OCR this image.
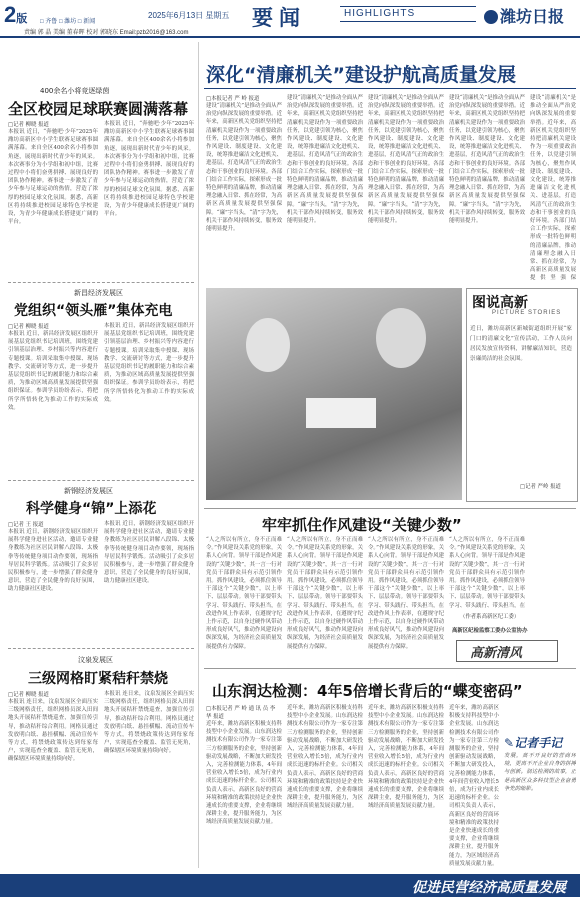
2版 □ 齐鲁 □ 潍坊 □ 新闻
2025年6月13日 星期五 要闻	HIGHLIGHTS	潍坊日报
责编 郭 晶 美编 董春晖 校对 郭晓东 Email:pzb2016@163.com
400余名小将竞逐绿茵
全区校园足球联赛圆满落幕
□记者 柳晓 报道
本报讯 近日，“奔驰吧·少年”2025年潍坊高新区中小学生联赛足球赛事圆满落幕。来自全区400余名小将参加角逐，展现出新时代青少年的风采。本次赛事分为小学组和初中组，比赛过程中小将们奋勇拼搏、展现良好的团队协作精神。赛事进一步激发了青少年参与足球运动的热情，营造了浓厚的校园足球文化氛围。据悉，高新区将持续推进校园足球特色学校建设，为青少年健康成长搭建更广阔的平台。
本报讯 近日，“奔驰吧·少年”2025年潍坊高新区中小学生联赛足球赛事圆满落幕。来自全区400余名小将参加角逐，展现出新时代青少年的风采。本次赛事分为小学组和初中组，比赛过程中小将们奋勇拼搏、展现良好的团队协作精神。赛事进一步激发了青少年参与足球运动的热情，营造了浓厚的校园足球文化氛围。据悉，高新区将持续推进校园足球特色学校建设，为青少年健康成长搭建更广阔的平台。
新昌经济发展区
党组织“领头雁”集体充电
□记者 柳晓 报道
本报讯 近日，新昌经济发展区组织开展基层党组织书记培训班，围绕党建引领基层治理、乡村振兴等内容进行专题授课。培训采取集中授课、现场教学、交流研讨等方式，进一步提升基层党组织书记的履职能力和综合素质，为推动区域高质量发展提供坚强组织保证。参训学员纷纷表示，将把所学所悟转化为推动工作的实际成效。
本报讯 近日，新昌经济发展区组织开展基层党组织书记培训班，围绕党建引领基层治理、乡村振兴等内容进行专题授课。培训采取集中授课、现场教学、交流研讨等方式，进一步提升基层党组织书记的履职能力和综合素质，为推动区域高质量发展提供坚强组织保证。参训学员纷纷表示，将把所学所悟转化为推动工作的实际成效。
新钢经济发展区
科学健身“锦”上添花
□记者 王 报道
本报讯 近日，新钢经济发展区组织开展科学健身进社区活动，邀请专业健身教练为社区居民讲解八段锦、太极拳等传统健身项目动作要领，现场指导居民科学锻炼。活动吸引了众多居民积极参与，进一步增强了群众健身意识，营造了全民健身的良好氛围，助力健康社区建设。
本报讯 近日，新钢经济发展区组织开展科学健身进社区活动，邀请专业健身教练为社区居民讲解八段锦、太极拳等传统健身项目动作要领，现场指导居民科学锻炼。活动吸引了众多居民积极参与，进一步增强了群众健身意识，营造了全民健身的良好氛围，助力健康社区建设。
汶泉发展区
三级网格盯紧秸秆禁烧
□记者 柳晓 报道
本报讯 连日来，汶泉发展区全面压实三级网格责任，组织网格员深入田间地头开展秸秆禁烧巡查，加强宣传引导，推动秸秆综合利用。网格员通过发放明白纸、悬挂横幅、流动宣传车等方式，将禁烧政策传达到每家每户，实现巡查全覆盖、监管无死角，确保辖区环境质量持续向好。
本报讯 连日来，汶泉发展区全面压实三级网格责任，组织网格员深入田间地头开展秸秆禁烧巡查，加强宣传引导，推动秸秆综合利用。网格员通过发放明白纸、悬挂横幅、流动宣传车等方式，将禁烧政策传达到每家每户，实现巡查全覆盖、监管无死角，确保辖区环境质量持续向好。
深化“清廉机关”建设护航高质量发展
□本报记者 严 岭 报道
建设“清廉机关”是推动全面从严治党向纵深发展的重要举措。近年来，高新区机关党组织坚持把清廉机关建设作为一项重要政治任务，以党建引领为核心，聚焦作风建设、制度建设、文化建设，统筹推进廉洁文化进机关、进基层，打造风清气正的政治生态和干事创业的良好环境。各部门结合工作实际，探索形成一批特色鲜明的清廉品牌，推动清廉理念融入日常、抓在经常，为高新区高质量发展提供坚强保障。“廉”字当头，“清”字为先，机关干部作风持续转变，服务效能明显提升。
建设“清廉机关”是推动全面从严治党向纵深发展的重要举措。近年来，高新区机关党组织坚持把清廉机关建设作为一项重要政治任务，以党建引领为核心，聚焦作风建设、制度建设、文化建设，统筹推进廉洁文化进机关、进基层，打造风清气正的政治生态和干事创业的良好环境。各部门结合工作实际，探索形成一批特色鲜明的清廉品牌，推动清廉理念融入日常、抓在经常，为高新区高质量发展提供坚强保障。“廉”字当头，“清”字为先，机关干部作风持续转变，服务效能明显提升。
建设“清廉机关”是推动全面从严治党向纵深发展的重要举措。近年来，高新区机关党组织坚持把清廉机关建设作为一项重要政治任务，以党建引领为核心，聚焦作风建设、制度建设、文化建设，统筹推进廉洁文化进机关、进基层，打造风清气正的政治生态和干事创业的良好环境。各部门结合工作实际，探索形成一批特色鲜明的清廉品牌，推动清廉理念融入日常、抓在经常，为高新区高质量发展提供坚强保障。“廉”字当头，“清”字为先，机关干部作风持续转变，服务效能明显提升。
建设“清廉机关”是推动全面从严治党向纵深发展的重要举措。近年来，高新区机关党组织坚持把清廉机关建设作为一项重要政治任务，以党建引领为核心，聚焦作风建设、制度建设、文化建设，统筹推进廉洁文化进机关、进基层，打造风清气正的政治生态和干事创业的良好环境。各部门结合工作实际，探索形成一批特色鲜明的清廉品牌，推动清廉理念融入日常、抓在经常，为高新区高质量发展提供坚强保障。“廉”字当头，“清”字为先，机关干部作风持续转变，服务效能明显提升。
建设“清廉机关”是推动全面从严治党向纵深发展的重要举措。近年来，高新区机关党组织坚持把清廉机关建设作为一项重要政治任务，以党建引领为核心，聚焦作风建设、制度建设、文化建设，统筹推进廉洁文化进机关、进基层，打造风清气正的政治生态和干事创业的良好环境。各部门结合工作实际，探索形成一批特色鲜明的清廉品牌，推动清廉理念融入日常、抓在经常，为高新区高质量发展提供坚强保
图说高新
PICTURE STORIES
近日，潍坊高新区新城街道组织开展“家门口的清廉文化”宣传活动，工作人员向居民发放宣传资料，讲解廉洁知识，营造崇廉尚洁的社会氛围。
□记者 严岭 报道
牢牢抓住作风建设“关键少数”
“人之所以有所立，身不正而难令。”作风建设关系党的形象，关系人心向背。领导干部是作风建设的“关键少数”，其一言一行对党员干部群众具有示范引领作用。抓作风建设，必须抓住领导干部这个“关键少数”，以上率下、层层带动。领导干部要带头学习、带头践行、带头担当，在改进作风上作表率，在遵规守纪上作示范，以自身过硬作风带动形成良好风气，推动作风建设向纵深发展，为经济社会高质量发展提供有力保障。
“人之所以有所立，身不正而难令。”作风建设关系党的形象，关系人心向背。领导干部是作风建设的“关键少数”，其一言一行对党员干部群众具有示范引领作用。抓作风建设，必须抓住领导干部这个“关键少数”，以上率下、层层带动。领导干部要带头学习、带头践行、带头担当，在改进作风上作表率，在遵规守纪上作示范，以自身过硬作风带动形成良好风气，推动作风建设向纵深发展，为经济社会高质量发展提供有力保障。
“人之所以有所立，身不正而难令。”作风建设关系党的形象，关系人心向背。领导干部是作风建设的“关键少数”，其一言一行对党员干部群众具有示范引领作用。抓作风建设，必须抓住领导干部这个“关键少数”，以上率下、层层带动。领导干部要带头学习、带头践行、带头担当，在改进作风上作表率，在遵规守纪上作示范，以自身过硬作风带动形成良好风气，推动作风建设向纵深发展，为经济社会高质量发展提供有力保障。
“人之所以有所立，身不正而难令。”作风建设关系党的形象，关系人心向背。领导干部是作风建设的“关键少数”，其一言一行对党员干部群众具有示范引领作用。抓作风建设，必须抓住领导干部这个“关键少数”，以上率下、层层带动。领导干部要带头学习、带头践行、带头担当，在
（作者系高新区纪工委）
高新区纪检监察工委办公室协办
高新清风
山东润达检测：4年5倍增长背后的“蝶变密码”
□本报记者 严 岭 通 讯 员 李 华 报道
近年来，潍坊高新区积极支持科技型中小企业发展。山东润达检测技术有限公司作为一家专注第三方检测服务的企业，坚持创新驱动发展战略，不断加大研发投入，完善检测能力体系，4年间营业收入增长5倍，成为行业内成长迅速的标杆企业。公司相关负责人表示，高新区良好的营商环境和精准的政策扶持是企业快速成长的重要支撑，企业将继续深耕主业，提升服务能力，为区域经济高质量发展贡献力量。
近年来，潍坊高新区积极支持科技型中小企业发展。山东润达检测技术有限公司作为一家专注第三方检测服务的企业，坚持创新驱动发展战略，不断加大研发投入，完善检测能力体系，4年间营业收入增长5倍，成为行业内成长迅速的标杆企业。公司相关负责人表示，高新区良好的营商环境和精准的政策扶持是企业快速成长的重要支撑，企业将继续深耕主业，提升服务能力，为区域经济高质量发展贡献力量。
近年来，潍坊高新区积极支持科技型中小企业发展。山东润达检测技术有限公司作为一家专注第三方检测服务的企业，坚持创新驱动发展战略，不断加大研发投入，完善检测能力体系，4年间营业收入增长5倍，成为行业内成长迅速的标杆企业。公司相关负责人表示，高新区良好的营商环境和精准的政策扶持是企业快速成长的重要支撑，企业将继续深耕主业，提升服务能力，为区域经济高质量发展贡献力量。
近年来，潍坊高新区积极支持科技型中小企业发展。山东润达检测技术有限公司作为一家专注第三方检测服务的企业，坚持创新驱动发展战略，不断加大研发投入，完善检测能力体系，4年间营业收入增长5倍，成为行业内成长迅速的标杆企业。公司相关负责人表示，高新区良好的营商环境和精准的政策扶持是企业快速成长的重要支撑，企业将继续深耕主业，提升服务能力，为区域经济高质量发展贡献力量。
✎记者手记
发展，离不开良好的营商环境，更离不开企业自身的拼搏与创新。润达检测的故事，正是高新区众多科技型企业奋勇争先的缩影。
促进民营经济高质量发展
